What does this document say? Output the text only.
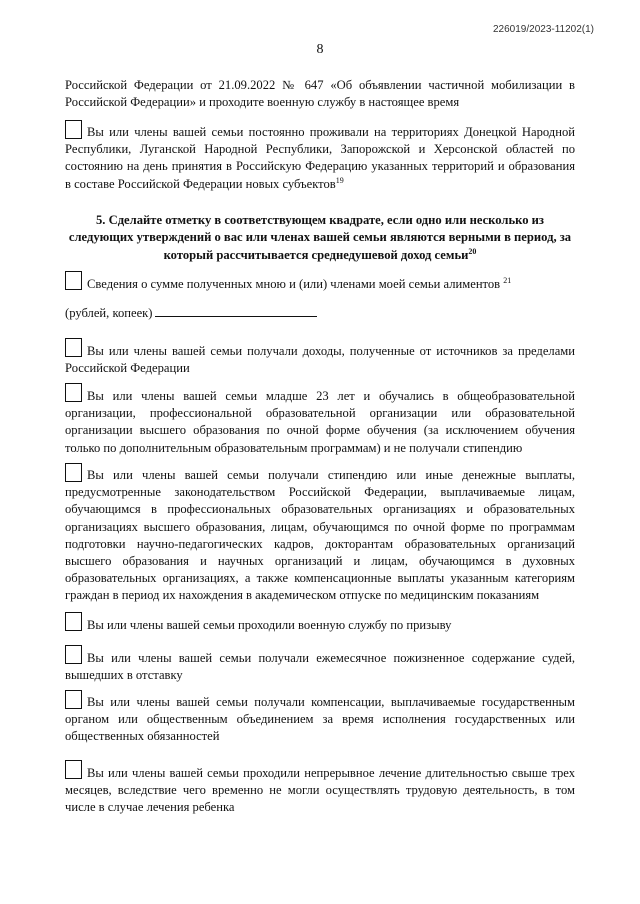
226019/2023-11202(1)
8
Российской Федерации от 21.09.2022 № 647 «Об объявлении частичной мобилизации в Российской Федерации» и проходите военную службу в настоящее время
Вы или члены вашей семьи постоянно проживали на территориях Донецкой Народной Республики, Луганской Народной Республики, Запорожской и Херсонской областей по состоянию на день принятия в Российскую Федерацию указанных территорий и образования в составе Российской Федерации новых субъектов$^{19}$
5. Сделайте отметку в соответствующем квадрате, если одно или несколько из следующих утверждений о вас или членах вашей семьи являются верными в период, за который рассчитывается среднедушевой доход семьи$^{20}$
Сведения о сумме полученных мною и (или) членами моей семьи алиментов $^{21}$
(рублей, копеек)
Вы или члены вашей семьи получали доходы, полученные от источников за пределами Российской Федерации
Вы или члены вашей семьи младше 23 лет и обучались в общеобразовательной организации, профессиональной образовательной организации или образовательной организации высшего образования по очной форме обучения (за исключением обучения только по дополнительным образовательным программам) и не получали стипендию
Вы или члены вашей семьи получали стипендию или иные денежные выплаты, предусмотренные законодательством Российской Федерации, выплачиваемые лицам, обучающимся в профессиональных образовательных организациях и образовательных организациях высшего образования, лицам, обучающимся по очной форме по программам подготовки научно-педагогических кадров, докторантам образовательных организаций высшего образования и научных организаций и лицам, обучающимся в духовных образовательных организациях, а также компенсационные выплаты указанным категориям граждан в период их нахождения в академическом отпуске по медицинским показаниям
Вы или члены вашей семьи проходили военную службу по призыву
Вы или члены вашей семьи получали ежемесячное пожизненное содержание судей, вышедших в отставку
Вы или члены вашей семьи получали компенсации, выплачиваемые государственным органом или общественным объединением за время исполнения государственных или общественных обязанностей
Вы или члены вашей семьи проходили непрерывное лечение длительностью свыше трех месяцев, вследствие чего временно не могли осуществлять трудовую деятельность, в том числе в случае лечения ребенка
